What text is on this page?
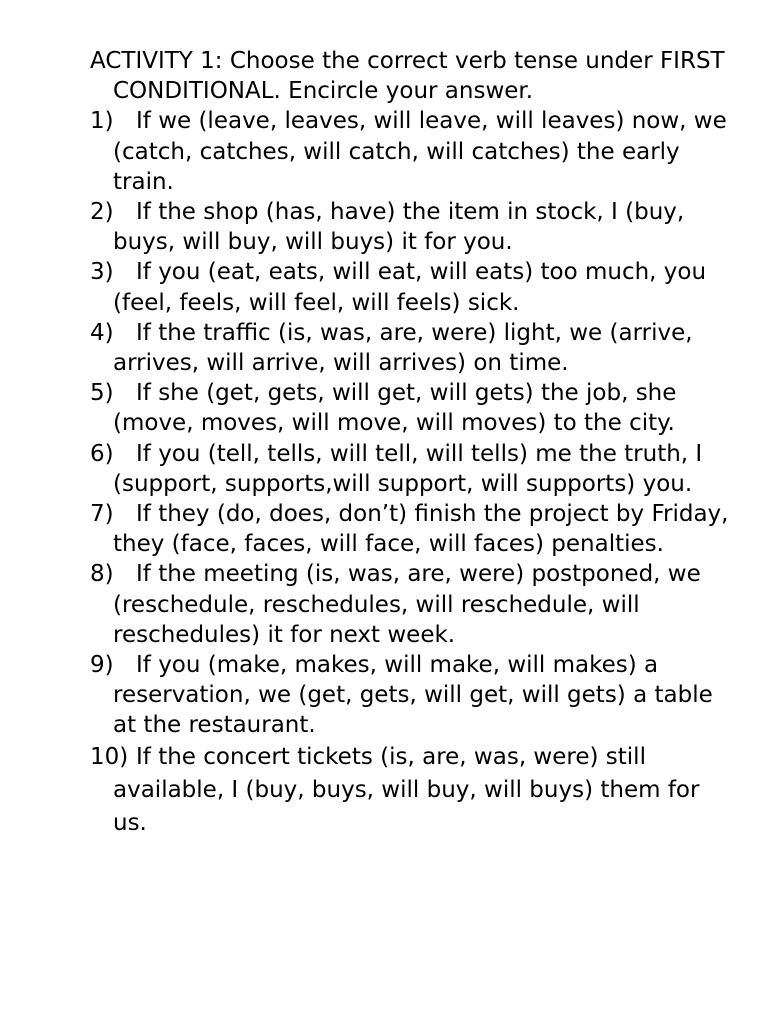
ACTIVITY 1: Choose the correct verb tense under FIRST CONDITIONAL. Encircle your answer.

1) If we (leave, leaves, will leave, will leaves) now, we (catch, catches, will catch, will catches) the early train.
2) If the shop (has, have) the item in stock, I (buy, buys, will buy, will buys) it for you.
3) If you (eat, eats, will eat, will eats) too much, you (feel, feels, will feel, will feels) sick.
4) If the traffic (is, was, are, were) light, we (arrive, arrives, will arrive, will arrives) on time.
5) If she (get, gets, will get, will gets) the job, she (move, moves, will move, will moves) to the city.
6) If you (tell, tells, will tell, will tells) me the truth, I (support, supports,will support, will supports) you.
7) If they (do, does, don’t) finish the project by Friday, they (face, faces, will face, will faces) penalties.
8) If the meeting (is, was, are, were) postponed, we (reschedule, reschedules, will reschedule, will reschedules) it for next week.
9) If you (make, makes, will make, will makes) a reservation, we (get, gets, will get, will gets) a table at the restaurant.
10) If the concert tickets (is, are, was, were) still available, I (buy, buys, will buy, will buys) them for us.
